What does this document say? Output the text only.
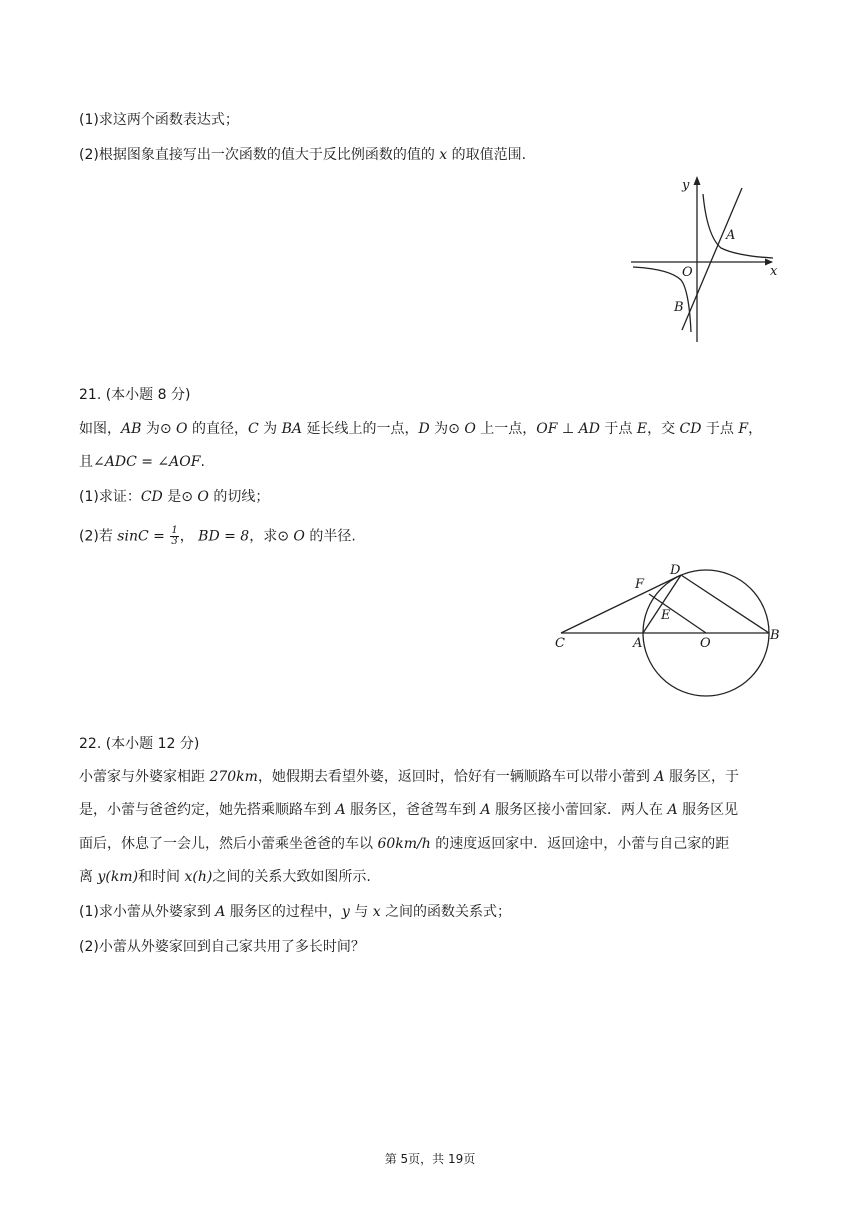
(1)求这两个函数表达式；
(2)根据图象直接写出一次函数的值大于反比例函数的值的 x 的取值范围.
y
x
A
O
B
21. (本小题 8 分)
如图，AB 为⊙ O 的直径，C 为 BA 延长线上的一点，D 为⊙ O 上一点，OF ⊥ AD 于点 E，交 CD 于点 F，
且∠ADC = ∠AOF.
(1)求证：CD 是⊙ O 的切线；
(2)若 $\sin C = \frac{1}{3}$ ， BD = 8，求⊙ O 的半径.
C	A	O
B
D
E
F
22. (本小题 12 分)
小蕾家与外婆家相距 270km，她假期去看望外婆，返回时，恰好有一辆顺路车可以带小蕾到 A 服务区，于
是，小蕾与爸爸约定，她先搭乘顺路车到 A 服务区，爸爸驾车到 A 服务区接小蕾回家．两人在 A 服务区见
面后，休息了一会儿，然后小蕾乘坐爸爸的车以 60km/h 的速度返回家中．返回途中，小蕾与自己家的距
离 y(km)和时间 x(h)之间的关系大致如图所示.
(1)求小蕾从外婆家到 A 服务区的过程中，y 与 x 之间的函数关系式；
(2)小蕾从外婆家回到自己家共用了多长时间？
第 5页，共 19页
